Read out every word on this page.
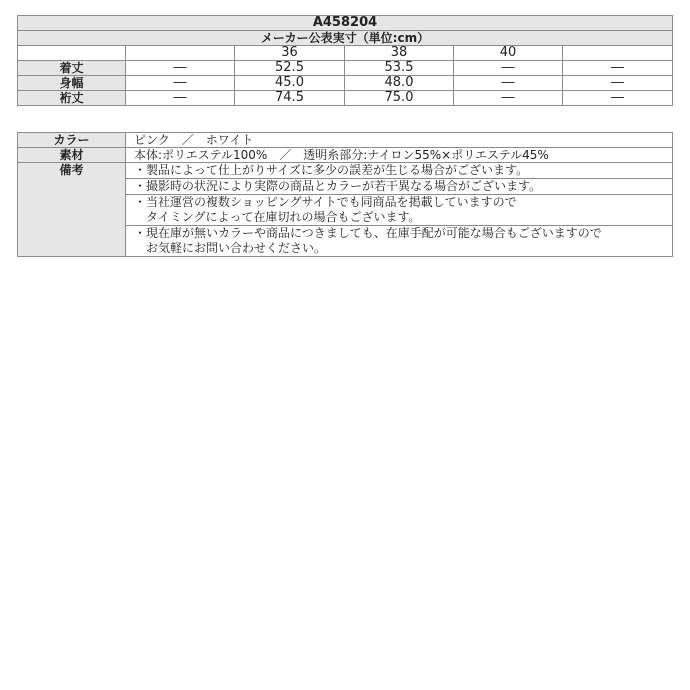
A458204					
メーカー公表実寸（単位:cm）					
		36	38	40	
着丈	―	52.5	53.5	―	―
身幅	―	45.0	48.0	―	―
裄丈	―	74.5	75.0	―	―
カラー	ピンク　／　ホワイト
素材	本体:ポリエステル100%　／　透明糸部分:ナイロン55%×ポリエステル45%
備考	・製品によって仕上がりサイズに多少の誤差が生じる場合がございます。

	・撮影時の状況により実際の商品とカラーが若干異なる場合がございます。

	・当社運営の複数ショッピングサイトでも同商品を掲載していますので
　タイミングによって在庫切れの場合もございます。

	・現在庫が無いカラーや商品につきましても、在庫手配が可能な場合もございますので
　お気軽にお問い合わせください。
